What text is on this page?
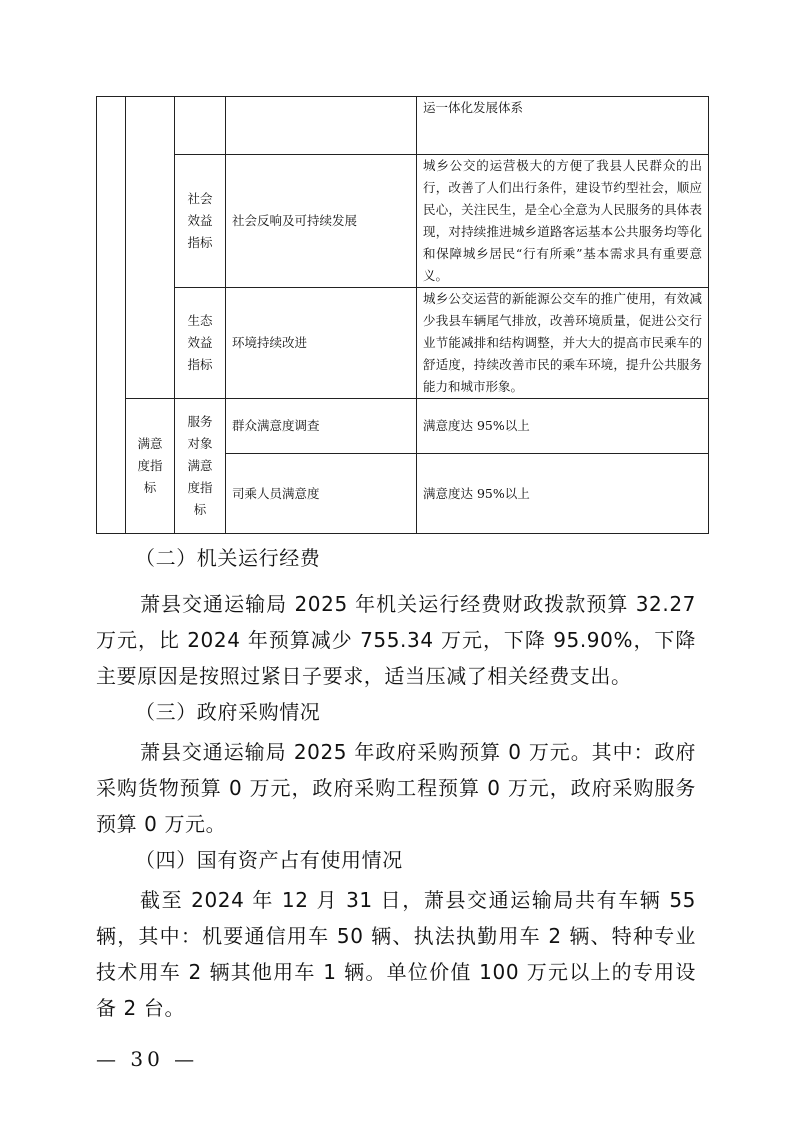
				运一体化发展体系
		社会效益指标	社会反响及可持续发展	城乡公交的运营极大的方便了我县人民群众的出行，改善了人们出行条件，建设节约型社会，顺应民心，关注民生，是全心全意为人民服务的具体表现，对持续推进城乡道路客运基本公共服务均等化和保障城乡居民“行有所乘”基本需求具有重要意义。
		生态效益指标	环境持续改进	城乡公交运营的新能源公交车的推广使用，有效减少我县车辆尾气排放，改善环境质量，促进公交行业节能减排和结构调整，并大大的提高市民乘车的舒适度，持续改善市民的乘车环境，提升公共服务能力和城市形象。
	满意度指标	服务对象满意度指标	群众满意度调查	满意度达 95%以上
			司乘人员满意度	满意度达 95%以上

（二）机关运行经费

萧县交通运输局 2025 年机关运行经费财政拨款预算 32.27 万元，比 2024 年预算减少 755.34 万元，下降 95.90%，下降主要原因是按照过紧日子要求，适当压减了相关经费支出。

（三）政府采购情况

萧县交通运输局 2025 年政府采购预算 0 万元。其中：政府采购货物预算 0 万元，政府采购工程预算 0 万元，政府采购服务预算 0 万元。

（四）国有资产占有使用情况

截至 2024 年 12 月 31 日，萧县交通运输局共有车辆 55 辆，其中：机要通信用车 50 辆、执法执勤用车 2 辆、特种专业技术用车 2 辆其他用车 1 辆。单位价值 100 万元以上的专用设备 2 台。

— 30 —
